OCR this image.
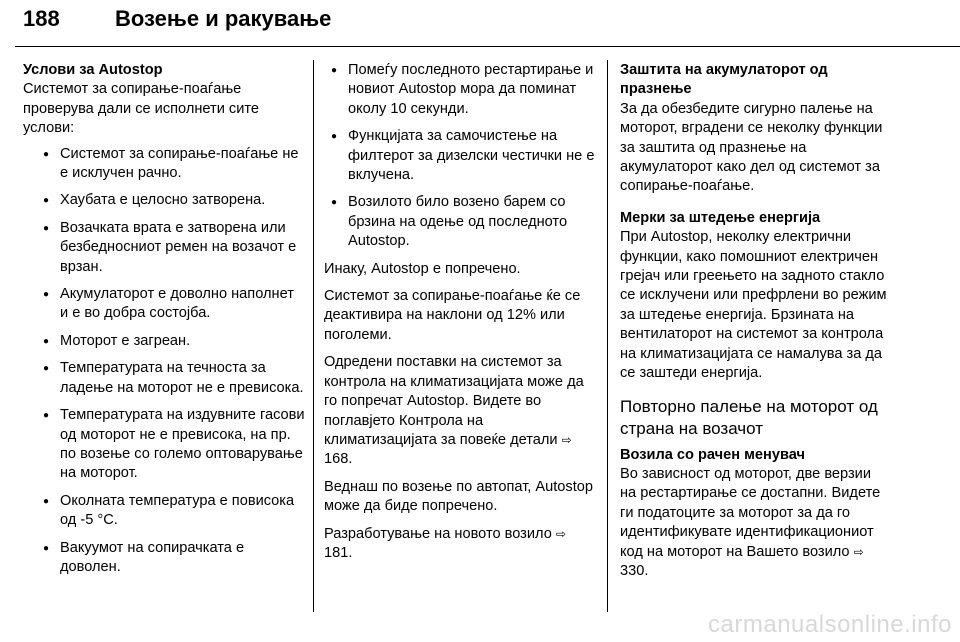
188	Возење и ракување
Услови за Autostop

Системот за сопирање-поаѓање проверува дали се исполнети сите услови:

● Системот за сопирање-поаѓање не е исклучен рачно.
● Хаубата е целосно затворена.
● Возачката врата е затворена или безбедносниот ремен на возачот е врзан.
● Акумулаторот е доволно наполнет и е во добра состојба.
● Моторот е загреан.
● Температурата на течноста за ладење на моторот не е превисока.
● Температурата на издувните гасови од моторот не е превисока, на пр. по возење со големо оптоварување на моторот.
● Околната температура е повисока од -5 °C.
● Вакуумот на сопирачката е доволен.
● Помеѓу последното рестартирање и новиот Autostop мора да поминат околу 10 секунди.
● Функцијата за самочистење на филтерот за дизелски честички не е вклучена.
● Возилото било возено барем со брзина на одење од последното Autostop.

Инаку, Autostop е попречено.

Системот за сопирање-поаѓање ќе се деактивира на наклони од 12% или поголеми.

Одредени поставки на системот за контрола на климатизацијата може да го попречат Autostop. Видете во поглавјето Контрола на климатизацијата за повеќе детали ⇨ 168.

Веднаш по возење по автопат, Autostop може да биде попречено.

Разработување на новото возило ⇨ 181.

Заштита на акумулаторот од празнење

За да обезбедите сигурно палење на моторот, вградени се неколку функции за заштита од празнење на акумулаторот како дел од системот за сопирање-поаѓање.

Мерки за штедење енергија

При Autostop, неколку електрични функции, како помошниот електричен грејач или греењето на задното стакло се исклучени или префрлени во режим за штедење енергија. Брзината на вентилаторот на системот за контрола на климатизацијата се намалува за да се заштеди енергија.

Повторно палење на моторот од страна на возачот
Возила со рачен менувач

Во зависност од моторот, две верзии на рестартирање се достапни. Видете ги податоците за моторот за да го идентификувате идентификациониот код на моторот на Вашето возило ⇨ 330.

carmanualsonline.info
